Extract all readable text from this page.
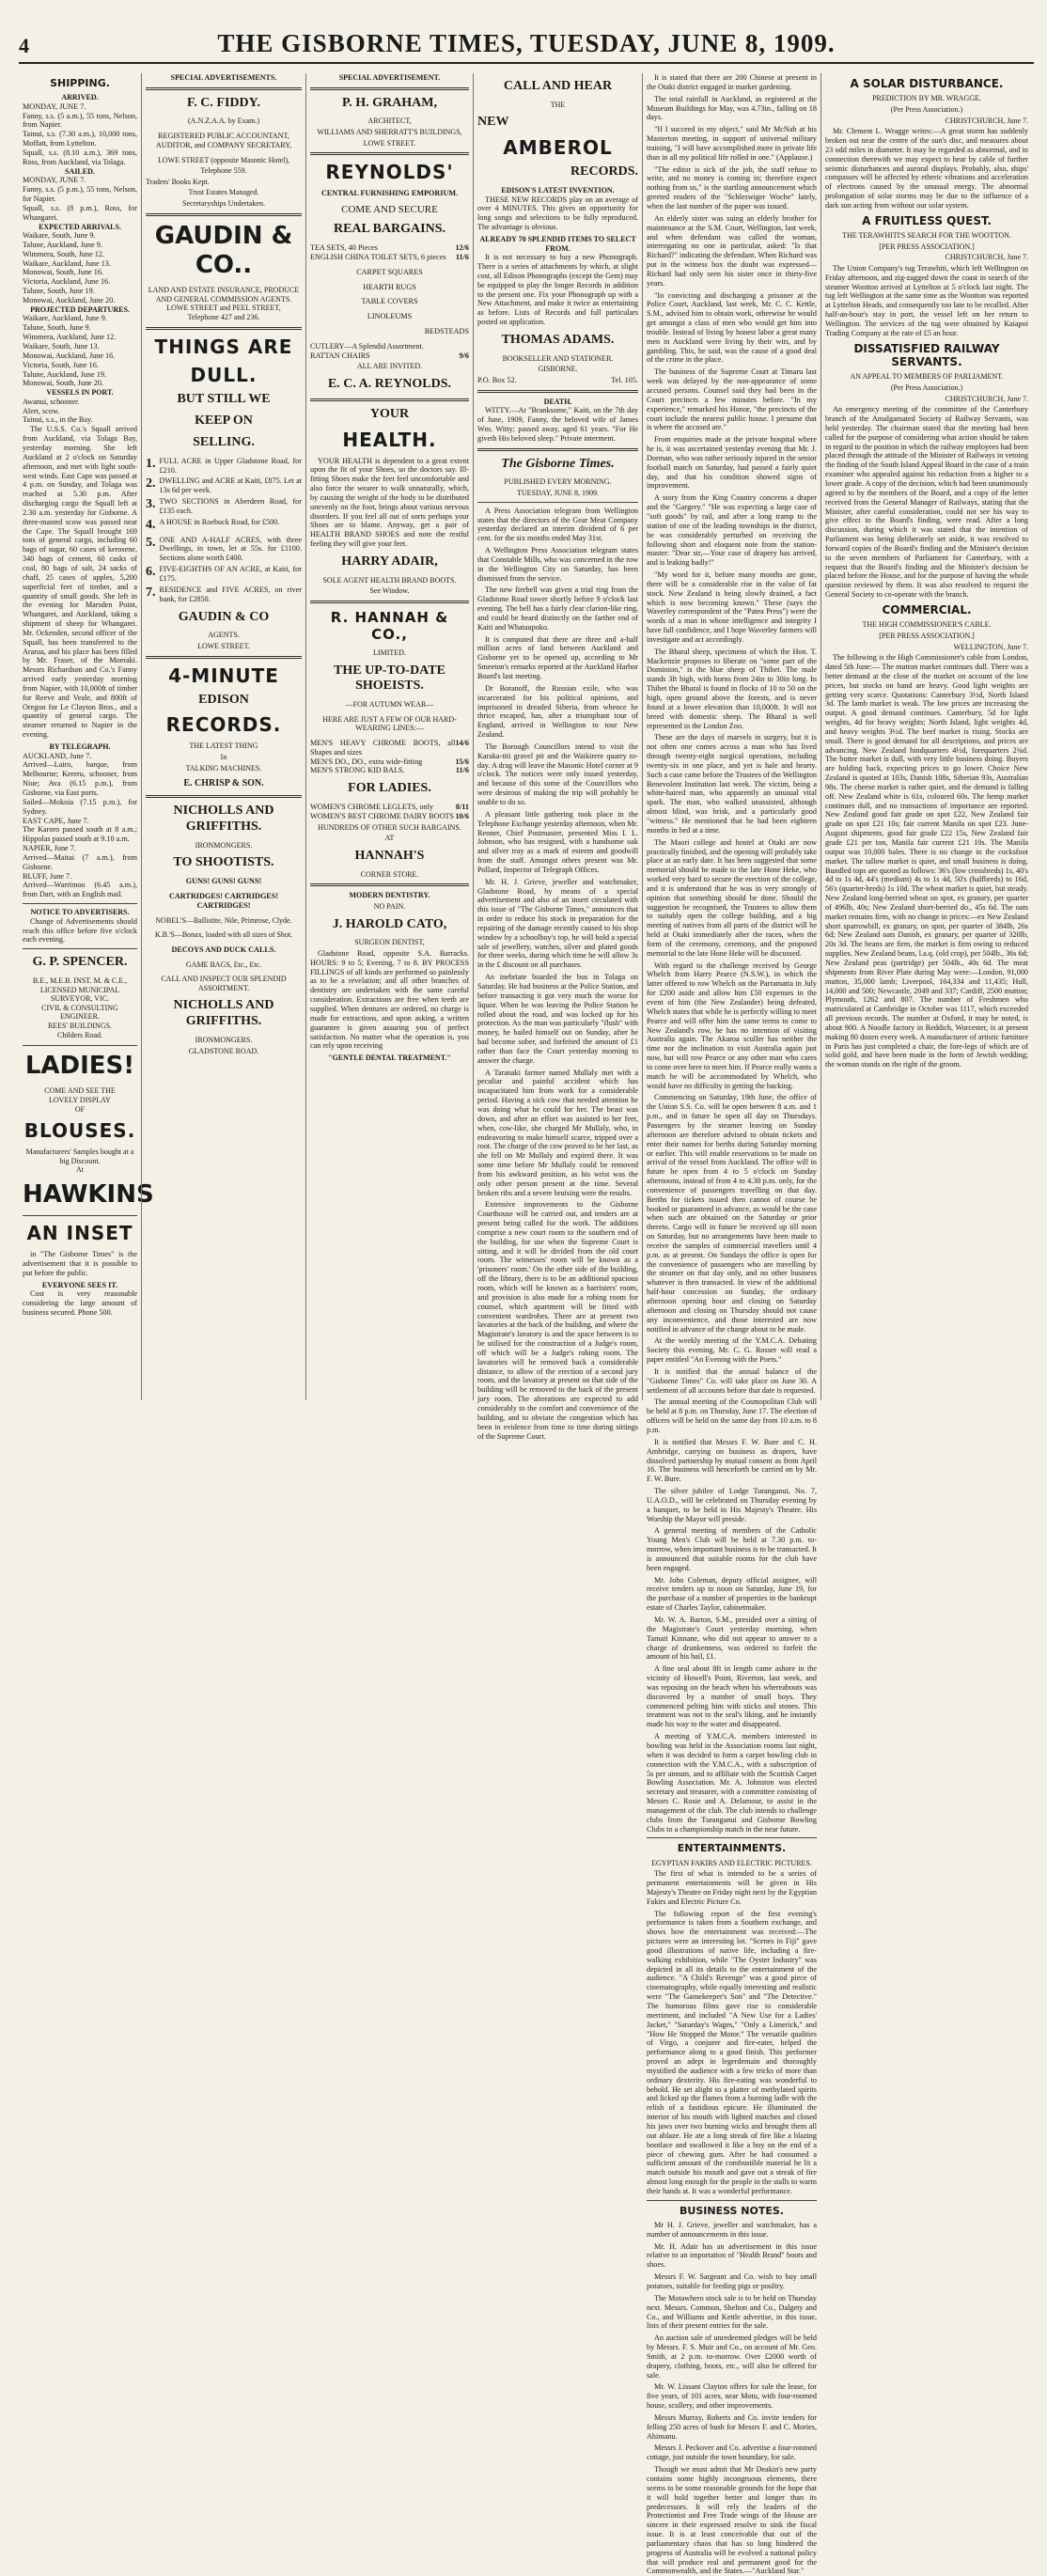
4	THE GISBORNE TIMES, TUESDAY, JUNE 8, 1909.
SHIPPING.
ARRIVED.
MONDAY, JUNE 7.
Fanny, s.s. (5 a.m.), 55 tons, Nelson, from Napier.
Tainui, s.s. (7.30 a.m.), 10,000 tons, Moffatt, from Lyttelton.
Squall, s.s. (8.10 a.m.), 369 tons, Ross, from Auckland, via Tolaga.
SAILED.
MONDAY, JUNE 7.
Fanny, s.s. (5 p.m.), 55 tons, Nelson, for Napier.
Squall, s.s. (8 p.m.), Ross, for Whangarei.
EXPECTED ARRIVALS.
Waikare, South, June 9.
Talune, Auckland, June 9.
Wimmera, South, June 12.
Waikare, Auckland, June 13.
Monowai, South, June 16.
Victoria, Auckland, June 16.
Talune, South, June 19.
Monowai, Auckland, June 20.
PROJECTED DEPARTURES.
Waikare, Auckland, June 9.
Talune, South, June 9.
Wimmera, Auckland, June 12.
Waikare, South, June 13.
Monowai, Auckland, June 16.
Victoria, South, June 16.
Talune, Auckland, June 19.
Monowai, South, June 20.
VESSELS IN PORT.
Awanui, schooner.
Alert, scow.
Tainui, s.s., in the Bay.

The U.S.S. Co.'s Squall arrived from Auckland, via Tolaga Bay, yesterday morning. She left Auckland at 2 o'clock on Saturday afternoon, and met with light south-west winds. East Cape was passed at 4 p.m. on Sunday, and Tolaga was reached at 5.30 p.m. After discharging cargo the Squall left at 2.30 a.m. yesterday for Gisborne. A three-masted scow was passed near the Cape. The Squall brought 169 tons of general cargo, including 60 bags of sugar, 60 cases of kerosene, 340 bags of cement, 60 casks of coal, 80 bags of salt, 24 sacks of chaff, 25 cases of apples, 5,200 superficial feet of timber, and a quantity of small goods. She left in the evening for Marsden Point, Whangarei, and Auckland, taking a shipment of sheep for Whangarei. Mr. Ockenden, second officer of the Squall, has been transferred to the Ararua, and his place has been filled by Mr. Fraser, of the Moeraki. Messrs Richardson and Co.'s Fanny arrived early yesterday morning from Napier, with 10,000ft of timber for Reeve and Veale, and 800ft of Oregon for Le Clayton Bros., and a quantity of general cargo. The steamer returned to Napier in the evening.

BY TELEGRAPH.
AUCKLAND, June 7.
Arrived—Lairo, barque, from Melbourne; Kereru, schooner, from Niue; Ava (6.15 p.m.), from Gisborne, via East ports.
Sailed—Mokoia (7.15 p.m.), for Sydney.
EAST CAPE, June 7.
The Karoro passed south at 8 a.m.; Hippolas passed south at 9.10 a.m.
NAPIER, June 7.
Arrived—Maitai (7 a.m.), from Gisborne.
BLUFF, June 7.
Arrived—Warrimoo (6.45 a.m.), from Dart, with an English mail.
NOTICE TO ADVERTISERS.

Change of Advertisements should reach this office before five o'clock each evening.

G. P. SPENCER.
B.E., M.E.B. INST. M. & C.E.,
LICENSED MUNICIPAL SURVEYOR, VIC.
CIVIL & CONSULTING ENGINEER.
REES' BUILDINGS.
Childers Road.
LADIES!
COME AND SEE THE
LOVELY DISPLAY
OF
BLOUSES.
Manufacturers' Samples bought at a
big Discount.
At
HAWKINS
AN INSET

in "The Gisborne Times" is the advertisement that it is possible to put before the public.

EVERYONE SEES IT.

Cost is very reasonable considering the large amount of business secured. Phone 500.

SPECIAL ADVERTISEMENTS.
F. C. FIDDY.
(A.N.Z.A.A. by Exam.)
REGISTERED PUBLIC ACCOUNTANT, AUDITOR, and COMPANY SECRETARY,
LOWE STREET (opposite Masonic Hotel),
Telephone 559.
Traders' Books Kept.
Trust Estates Managed.
Secretaryships Undertaken.
GAUDIN & CO..
LAND AND ESTATE INSURANCE, PRODUCE AND GENERAL COMMISSION AGENTS.
LOWE STREET and PEEL STREET,
Telephone 427 and 236.
THINGS ARE
DULL.
BUT STILL WE
KEEP ON
SELLING.
1. FULL ACRE in Upper Gladstone Road, for £210.
2. DWELLING and ACRE at Kaiti, £875. Let at 13s 6d per week.
3. TWO SECTIONS in Aberdeen Road, for £135 each.
4. A HOUSE in Roebuck Road, for £500.
5. ONE AND A-HALF ACRES, with three Dwellings, in town, let at 55s. for £1100. Sections alone worth £400.
6. FIVE-EIGHTHS OF AN ACRE, at Kaiti, for £175.
7. RESIDENCE and FIVE ACRES, on river bank, for £2850.
GAUDIN & CO
AGENTS.
LOWE STREET.
4-MINUTE
EDISON
RECORDS.
THE LATEST THING
In
TALKING MACHINES.
E. CHRISP & SON.
NICHOLLS AND GRIFFITHS.
IRONMONGERS.
TO SHOOTISTS.
GUNS! GUNS! GUNS!
CARTRIDGES! CARTRIDGES! CARTRIDGES!
NOBEL'S—Ballistite, Nile, Primrose, Clyde.
K.B.'S—Bonax, loaded with all sizes of Shot.
DECOYS AND DUCK CALLS.
GAME BAGS, Etc., Etc.
CALL AND INSPECT OUR SPLENDID ASSORTMENT.
NICHOLLS AND GRIFFITHS.
IRONMONGERS.
GLADSTONE ROAD.
SPECIAL ADVERTISEMENT.
P. H. GRAHAM,
ARCHITECT,
WILLIAMS AND SHERRATT'S BUILDINGS,
LOWE STREET.
REYNOLDS'
CENTRAL FURNISHING EMPORIUM.
COME AND SECURE
REAL BARGAINS.
TEA SETS, 40 Pieces	12/6
ENGLISH CHINA TOILET SETS, 6 pieces 11/6
CARPET SQUARES
HEARTH RUGS
TABLE COVERS
LINOLEUMS
BEDSTEADS
CUTLERY—A Splendid Assortment.
RATTAN CHAIRS	9/6
ALL ARE INVITED.
E. C. A. REYNOLDS.
YOUR
HEALTH.

YOUR HEALTH is dependent to a great extent upon the fit of your Shoes, so the doctors say. Ill-fitting Shoes make the feet feel uncomfortable and also force the wearer to walk unnaturally, which, by causing the weight of the body to be distributed unevenly on the foot, brings about various nervous disorders. If you feel all out of sorts perhaps your Shoes are to blame. Anyway, get a pair of HEALTH BRAND SHOES and note the restful feeling they will give your feet.

HARRY ADAIR,
SOLE AGENT HEALTH BRAND BOOTS.
See Window.
R. HANNAH & CO.,
LIMITED.
THE UP-TO-DATE SHOEISTS.
—FOR AUTUMN WEAR—
HERE ARE JUST A FEW OF OUR HARD-WEARING LINES:—
MEN'S HEAVY CHROME BOOTS, all Shapes and sizes
14/6
MEN'S DO., DO., extra wide-fitting	15/6
MEN'S STRONG KID BALS.	11/6
FOR LADIES.
WOMEN'S CHROME LEGLETS, only	8/11
WOMEN'S BEST CHROME DAIRY BOOTS 10/6
HUNDREDS OF OTHER SUCH BARGAINS.
AT
HANNAH'S
CORNER STORE.
MODERN DENTISTRY.
NO PAIN.
J. HAROLD CATO,
SURGEON DENTIST,

Gladstone Road, opposite S.A. Barracks. HOURS: 9 to 5; Evening, 7 to 8. BY PROCESS FILLINGS of all kinds are performed so painlessly as to be a revelation; and all other branches of dentistry are undertaken with the same careful consideration. Extractions are free when teeth are supplied. When dentures are ordered, no charge is made for extractions, and upon asking, a written guarantee is given assuring you of perfect satisfaction. No matter what the operation is, you can rely upon receiving

"GENTLE DENTAL TREATMENT."
CALL AND HEAR
THE
NEW
AMBEROL
RECORDS.
EDISON'S LATEST INVENTION.

THESE NEW RECORDS play on an average of over 4 MINUTES. This gives an opportunity for long songs and selections to be fully reproduced. The advantage is obvious.

ALREADY 70 SPLENDID ITEMS TO SELECT FROM.

It is not necessary to buy a new Phonograph. There is a series of attachments by which, at slight cost, all Edison Phonographs (except the Gem) may be equipped to play the longer Records in addition to the present one. Fix your Phonograph up with a New Attachment, and make it twice as entertaining as before. Lists of Records and full particulars posted on application.

THOMAS ADAMS.
BOOKSELLER AND STATIONER.
GISBORNE.
P.O. Box 52.	Tel. 105.
DEATH.

WITTY.—At "Branksome," Kaiti, on the 7th day of June, 1909, Fanny, the beloved wife of James Wm. Witty; passed away, aged 61 years. "For He giveth His beloved sleep." Private interment.

The Gisborne Times.
PUBLISHED EVERY MORNING.
TUESDAY, JUNE 8, 1909.

A Press Association telegram from Wellington states that the directors of the Gear Meat Company yesterday declared an interim dividend of 6 per cent. for the six months ended May 31st.

A Wellington Press Association telegram states that Constable Mills, who was concerned in the row in the Wellington City on Saturday, has been dismissed from the service.

The new firebell was given a trial ring from the Gladstone Road tower shortly before 9 o'clock last evening. The bell has a fairly clear clarion-like ring, and could be heard distinctly on the farther end of Kaiti and Whataupoko.

It is computed that there are three and a-half million acres of land between Auckland and Gisborne yet to be opened up, according to Mr Smeeton's remarks reported at the Auckland Harbor Board's last meeting.

Dr Boranoff, the Russian exile, who was incarcerated for his political opinions, and imprisoned in dreaded Siberia, from whence he thrice escaped, has, after a triumphant tour of England, arrived in Wellington to tour New Zealand.

The Borough Councillors intend to visit the Karaka-titi gravel pit and the Waikirere quarry to-day. A drag will leave the Masonic Hotel corner at 9 o'clock. The notices were only issued yesterday, and because of this some of the Councillors who were desirous of making the trip will probably be unable to do so.

A pleasant little gathering took place in the Telephone Exchange yesterday afternoon, when Mr. Renner, Chief Postmaster, presented Miss I. L. Johnson, who has resigned, with a handsome oak and silver tray as a mark of esteem and goodwill from the staff. Amongst others present was Mr. Pollard, Inspector of Telegraph Offices.

Mr. H. J. Grieve, jeweller and watchmaker, Gladstone Road, by means of a special advertisement and also of an insert circulated with this issue of "The Gisborne Times," announces that in order to reduce his stock in preparation for the repairing of the damage recently caused to his shop window by a schoolboy's top, he will hold a special sale of jewellery, watches, silver and plated goods for three weeks, during which time he will allow 3s in the £ discount on all purchases.

An inebriate boarded the bus in Tolaga on Saturday. He had business at the Police Station, and before transacting it got very much the worse for liquor. When he was leaving the Police Station he rolled about the road, and was locked up for his protection. As the man was particularly "flush" with money, he bailed himself out on Sunday, after he had become sober, and forfeited the amount of £1 rather than face the Court yesterday morning to answer the charge.

A Taranaki farmer named Mullaly met with a peculiar and painful accident which has incapacitated him from work for a considerable period. Having a sick cow that needed attention he was doing what he could for her. The beast was down, and after an effort was assisted to her feet, when, cow-like, she charged Mr Mullaly, who, in endeavoring to make himself scarce, tripped over a root. The charge of the cow proved to be her last, as she fell on Mr Mullaly and expired there. It was some time before Mr Mullaly could be removed from his awkward position, as his wrist was the only other person present at the time. Several broken ribs and a severe bruising were the results.

Extensive improvements to the Gisborne Courthouse will be carried out, and tenders are at present being called for the work. The additions comprise a new court room to the southern end of the building, for use when the Supreme Court is sitting, and it will be divided from the old court room. The witnesses' room will be known as a 'prisoners' room.' On the other side of the building, off the library, there is to be an additional spacious room, which will be known as a barristers' room, and provision is also made for a robing room for counsel, which apartment will be fitted with convenient wardrobes. There are at present two lavatories at the back of the building, and where the Magistrate's lavatory is and the space between is to be utilised for the construction of a Judge's room, off which will be a Judge's robing room. The lavatories will be removed back a considerable distance, to allow of the erection of a second jury room, and the lavatory at present on that side of the building will be removed to the back of the present jury room. The alterations are expected to add considerably to the comfort and convenience of the building, and to obviate the congestion which has been in evidence from time to time during sittings of the Supreme Court.

It is stated that there are 200 Chinese at present in the Otaki district engaged in market gardening.

The total rainfall in Auckland, as registered at the Museum Buildings for May, was 4.73in., falling on 18 days.

"If I succeed in my object," said Mr McNab at his Masterton meeting, in support of universal military training, "I will have accomplished more in private life than in all my political life rolled in one." (Applause.)

"The editor is sick of the job, the staff refuse to write, and no money is coming in; therefore expect nothing from us," is the startling announcement which greeted readers of the "Schleswiger Woche" lately, when the last number of the paper was issued.

An elderly sister was suing an elderly brother for maintenance at the S.M. Court, Wellington, last week, and when defendant was called the woman, interrogating no one in particular, asked: "Is that Richard?" indicating the defendant. When Richard was put in the witness box the doubt was expressed—Richard had only seen his sister once in thirty-five years.

"In convicting and discharging a prisoner at the Police Court, Auckland, last week, Mr. C. C. Kettle, S.M., advised him to obtain work, otherwise he would get amongst a class of men who would get him into trouble. Instead of living by honest labor a great many men in Auckland were living by their wits, and by gambling. This, he said, was the cause of a good deal of the crime in the place.

The business of the Supreme Court at Timaru last week was delayed by the non-appearance of some accused persons. Counsel said they had been in the Court precincts a few minutes before. "In my experience," remarked his Honor, "the precincts of the court include the nearest public house. I presume that is where the accused are."

From enquiries made at the private hospital where he is, it was ascertained yesterday evening that Mr. J. Dorman, who was rather seriously injured in the senior football match on Saturday, had passed a fairly quiet day, and that his condition showed signs of improvement.

A story from the King Country concerns a draper and the "Gargery." "He was expecting a large case of "soft goods" by rail, and after a long tramp to the station of one of the leading townships in the district, he was considerably perturbed on receiving the following short and eloquent note from the station-master: "Dear sir,—Your case of drapery has arrived, and is leaking badly!"

"My word for it, before many months are gone, there will be a considerable rise in the value of fat stock. New Zealand is being slowly drained, a fact which is now becoming known." These (says the Waverley correspondent of the "Patea Press") were the words of a man in whose intelligence and integrity I have full confidence, and I hope Waverley farmers will investigate and act accordingly.

The Bharal sheep, specimens of which the Hon. T. Mackenzie proposes to liberate on "some part of the Dominion," is the blue sheep of Thibet. The male stands 3ft high, with horns from 24in to 30in long. In Thibet the Bharal is found in flocks of 10 to 50 on the high, open ground above the forests, and is never found at a lower elevation than 10,000ft. It will not breed with domestic sheep. The Bharal is well represented in the London Zoo.

These are the days of marvels in surgery, but it is not often one comes across a man who has lived through twenty-eight surgical operations, including twenty-six in one place, and yet is hale and hearty. Such a case came before the Trustees of the Wellington Benevolent Institution last week. The victim, being a white-haired man, who apparently an unusual vital spark. The man, who walked unassisted, although almost blind, was brisk, and a particularly good "witness." He mentioned that he had been eighteen months in bed at a time.

The Maori college and hostel at Otaki are now practically finished, and the opening will probably take place at an early date. It has been suggested that some memorial should be made to the late Hone Heke, who worked very hard to secure the erection of the college, and it is understood that he was in very strongly of opinion that something should be done. Should the suggestion be recognised, the Trustees to allow them to suitably open the college building, and a big meeting of natives from all parts of the district will be held at Otaki immediately after the races, when the form of the ceremony, ceremony, and the proposed memorial to the late Hone Heke will be discussed.

With regard to the challenge received by George Whelch from Harry Pearce (N.S.W.), in which the latter offered to row Whelch on the Parramatta in July for £200 aside and allow him £50 expenses in the event of him (the New Zealander) being defeated, Whelch states that while he is perfectly willing to meet Pearce and will offer him the same terms to come to New Zealand's row, he has no intention of visiting Australia again. The Akaroa sculler has neither the time nor the inclination to visit Australia again just now, but will row Pearce or any other man who cares to come over here to meet him. If Pearce really wants a match he will be accommodated by Whelch, who would have no difficulty in getting the backing.

Commencing on Saturday, 19th June, the office of the Union S.S. Co. will be open between 8 a.m. and 1 p.m., and in future be open all day on Thursdays. Passengers by the steamer leaving on Sunday afternoon are therefore advised to obtain tickets and enter their names for berths during Saturday morning or earlier. This will enable reservations to be made on arrival of the vessel from Auckland. The office will in future be open from 4 to 5 o'clock on Sunday afternoons, instead of from 4 to 4.30 p.m. only, for the convenience of passengers travelling on that day. Berths for tickets issued then cannot of course be booked or guaranteed in advance, as would be the case when such are obtained on the Saturday or prior thereto. Cargo will in future be received up till noon on Saturday, but no arrangements have been made to receive the samples of commercial travellers until 4 p.m. as at present. On Sundays the office is open for the convenience of passengers who are travelling by the steamer on that day only, and no other business whatever is then transacted. In view of the additional half-hour concession on Sunday, the ordinary afternoon opening hour and closing on Saturday afternoon and closing on Thursday should not cause any inconvenience, and those interested are now notified in advance of the change about to be made.

At the weekly meeting of the Y.M.C.A. Debating Society this evening, Mr. C. G. Rosser will read a paper entitled "An Evening with the Poets."

It is notified that the annual balance of the "Gisborne Times" Co. will take place on June 30. A settlement of all accounts before that date is requested.

The annual meeting of the Cosmopolitan Club will be held at 8 p.m. on Thursday, June 17. The election of officers will be held on the same day from 10 a.m. to 8 p.m.

It is notified that Messrs F. W. Bure and C. H. Ambridge, carrying on business as drapers, have dissolved partnership by mutual consent as from April 16. The business will henceforth be carried on by Mr. F. W. Bure.

The silver jubilee of Lodge Turanganui, No. 7, U.A.O.D., will be celebrated on Thursday evening by a banquet, to be held in His Majesty's Theatre. His Worship the Mayor will preside.

A general meeting of members of the Catholic Young Men's Club will be held at 7.30 p.m. to-morrow, when important business is to be transacted. It is announced that suitable rooms for the club have been engaged.

Mr. John Coleman, deputy official assignee, will receive tenders up to noon on Saturday, June 19, for the purchase of a number of properties in the bankrupt estate of Charles Taylor, cabinetmaker.

Mr. W. A. Barton, S.M., presided over a sitting of the Magistrate's Court yesterday morning, when Tamati Kinnane, who did not appear to answer to a charge of drunkenness, was ordered to forfeit the amount of his bail, £1.

A fine seal about 8ft in length came ashore in the vicinity of Howell's Point, Riverton, last week, and was reposing on the beach when his whereabouts was discovered by a number of small boys. They commenced pelting him with sticks and stones. This treatment was not to the seal's liking, and he instantly made his way to the water and disappeared.

A meeting of Y.M.C.A. members interested in bowling was held in the Association rooms last night, when it was decided to form a carpet bowling club in connection with the Y.M.C.A., with a subscription of 5s per annum, and to affiliate with the Scottish Carpet Bowling Association. Mr. A. Johnston was elected secretary and treasurer, with a committee consisting of Messrs C. Rosie and A. Delamour, to assist in the management of the club. The club intends to challenge clubs from the Turanganui and Gisborne Bowling Clubs to a championship match in the near future.

ENTERTAINMENTS.
EGYPTIAN FAKIRS AND ELECTRIC PICTURES.

The first of what is intended to be a series of permanent entertainments will be given in His Majesty's Theatre on Friday night next by the Egyptian Fakirs and Electric Picture Co.

The following report of the first evening's performance is taken from a Southern exchange, and shows how the entertainment was received:—The pictures were an interesting lot. "Scenes in Fiji" gave good illustrations of native life, including a fire-walking exhibition, while "The Oyster Industry" was depicted in all its details to the entertainment of the audience. "A Child's Revenge" was a good piece of cinematography, while equally interesting and realistic were "The Gamekeeper's Son" and "The Detective." The humorous films gave rise to considerable merriment, and included "A New Use for a Ladies' Jacket," "Saturday's Wages," "Only a Limerick," and "How He Stopped the Motor." The versatile qualities of Virgo, a conjurer and fire-eater, helped the performance along to a good finish. This performer proved an adept in legerdemain and thoroughly mystified the audience with a few tricks of more than ordinary dexterity. His fire-eating was wonderful to behold. He set alight to a platter of methylated spirits and licked up the flames from a burning ladle with the relish of a fastidious epicure. He illuminated the interior of his mouth with lighted matches and closed his jaws over two burning wicks and brought them all out ablaze. He ate a long streak of fire like a blazing bootlace and swallowed it like a boy on the end of a piece of chewing gum. After he had consumed a sufficient amount of the combustible material he lit a match outside his mouth and gave out a streak of fire almost long enough for the people in the stalls to warm their hands at. It was a wonderful performance.

BUSINESS NOTES.

Mr H. J. Grieve, jeweller and watchmaker, has a number of announcements in this issue.

Mr. H. Adair has an advertisement in this issue relative to an importation of "Health Brand" boots and shoes.

Messrs F. W. Sargeant and Co. wish to buy small potatoes, suitable for feeding pigs or poultry.

The Motawhero stock sale is to be held on Thursday next. Messrs. Common, Shelton and Co., Dalgety and Co., and Williams and Kettle advertise, in this issue, lists of their present entries for the sale.

An auction sale of unredeemed pledges will be held by Messrs. F. S. Muir and Co., on account of Mr. Geo. Smith, at 2 p.m. to-morrow. Over £2000 worth of drapery, clothing, boots, etc., will also be offered for sale.

Mr. W. Lissant Clayton offers for sale the lease, for five years, of 101 acres, near Motu, with four-roomed house, scullery, and other improvements.

Messrs Murray, Roberts and Co. invite tenders for felling 250 acres of bush for Messrs F. and C. Mories, Ahimanu.

Messrs J. Peckover and Co. advertise a four-roomed cottage, just outside the town boundary, for sale.

Though we must admit that Mr Deakin's new party contains some highly incongruous elements, there seems to be some reasonable grounds for the hope that it will hold together better and longer than its predecessors. It will rely the leaders of the Protectionist and Free Trade wings of the House are sincere in their expressed resolve to sink the fiscal issue. It is at least conceivable that out of the parliamentary chaos that has so long hindered the progress of Australia will be evolved a national policy that will produce real and permanent good for the Commonwealth, and the States.—"Auckland Star."

A SOLAR DISTURBANCE.
PREDICTION BY MR. WRAGGE.
(Per Press Association.)
CHRISTCHURCH, June 7.

Mr. Clement L. Wragge writes:—A great storm has suddenly broken out near the centre of the sun's disc, and measures about 23 odd miles in diameter. It may be regarded as abnormal, and in connection therewith we may expect to hear by cable of further seismic disturbances and auroral displays. Probably, also, ships' compasses will be affected by etheric vibrations and acceleration of electrons caused by the unusual energy. The abnormal prolongation of solar storms may be due to the influence of a dark sun acting from without our solar system.

A FRUITLESS QUEST.
THE TERAWHITI'S SEARCH FOR THE WOOTTON.
[PER PRESS ASSOCIATION.]
CHRISTCHURCH, June 7.

The Union Company's tug Terawhiti, which left Wellington on Friday afternoon, and zig-zagged down the coast in search of the steamer Wootton arrived at Lyttelton at 5 o'clock last night. The tug left Wellington at the same time as the Wootton was reported at Lyttelton Heads, and consequently too late to be recalled. After half-an-hour's stay in port, the vessel left on her return to Wellington. The services of the tug were obtained by Kaiapoi Trading Company at the rate of £5 an hour.

DISSATISFIED RAILWAY SERVANTS.
AN APPEAL TO MEMBERS OF PARLIAMENT.
(Per Press Association.)
CHRISTCHURCH, June 7.

An emergency meeting of the committee of the Canterbury branch of the Amalgamated Society of Railway Servants, was held yesterday. The chairman stated that the meeting had been called for the purpose of considering what action should be taken in regard to the position in which the railway employees had been placed through the attitude of the Minister of Railways in vetoing the finding of the South Island Appeal Board in the case of a train examiner who appealed against his reduction from a higher to a lower grade. A copy of the decision, which had been unanimously agreed to by the members of the Board, and a copy of the letter received from the General Manager of Railways, stating that the Minister, after careful consideration, could not see his way to give effect to the Board's finding, were read. After a long discussion, during which it was stated that the intention of Parliament was being deliberately set aside, it was resolved to forward copies of the Board's finding and the Minister's decision to the seven members of Parliament for Canterbury, with a request that the Board's finding and the Minister's decision be placed before the House, and for the purpose of having the whole question reviewed by them. It was also resolved to request the General Society to co-operate with the branch.

COMMERCIAL.
THE HIGH COMMISSIONER'S CABLE.
[PER PRESS ASSOCIATION.]
WELLINGTON, June 7.

The following is the High Commissioner's cable from London, dated 5th June:— The mutton market continues dull. There was a better demand at the close of the market on account of the low prices, but stocks on hand are heavy. Good light weights are getting very scarce. Quotations: Canterbury 3½d, North Island 3d. The lamb market is weak. The low prices are increasing the output. A good demand continues. Canterbury, 5d for light weights, 4d for heavy weights; North Island, light weights 4d, and heavy weights 3½d. The beef market is rising. Stocks are small. There is good demand for all descriptions, and prices are advancing. New Zealand hindquarters 4½d, forequarters 2¾d. The butter market is dull, with very little business doing. Buyers are holding back, expecting prices to go lower. Choice New Zealand is quoted at 103s, Danish 108s, Siberian 93s, Australian 98s. The cheese market is rather quiet, and the demand is falling off. New Zealand white is 61s, coloured 60s. The hemp market continues dull, and no transactions of importance are reported. New Zealand good fair grade on spot £22, New Zealand fair grade on spot £21 10s; fair current Manila on spot £23. June-August shipments, good fair grade £22 15s, New Zealand fair grade £21 per ton, Manila fair current £21 10s. The Manila output was 10,000 bales. There is no change in the cocksfoot market. The tallow market is quiet, and small business is doing. Bundled tops are quoted as follows: 36's (low crossbreds) 1s, 40's 4d to 1s 4d, 44's (medium) 4s to 1s 4d, 50's (halfbreds) to 16d, 56's (quarter-breds) 1s 10d. The wheat market is quiet, but steady. New Zealand long-berried wheat on spot, ex granary, per quarter of 496lb, 40s; New Zealand short-berried do., 45s 6d. The oats market remains firm, with no change in prices:—ex New Zealand short sparrowbill, ex granary, on spot, per quarter of 384lb, 26s 6d; New Zealand oats Danish, ex granary, per quarter of 320lb, 20s 3d. The beans are firm, the market is firm owing to reduced supplies. New Zealand beans, l.a.q. (old crop), per 504lb., 36s 6d; New Zealand peas (partridge) per 504lb., 40s 6d. The meat shipments from River Plate during May were:—London, 91,000 mutton, 35,000 lamb; Liverpool, 164,334 and 11,435; Hull, 14,000 and 500; Newcastle, 2049 and 337; Cardiff, 2500 mutton; Plymouth, 1262 and 807. The number of Freshmen who matriculated at Cambridge in October was 1117, which exceeded all previous records. The number at Oxford, it may be noted, is about 900. A Noodle factory in Reddich, Worcester, is at present making 80 dozen every week. A manufacturer of artistic furniture in Paris has just completed a chair, the fore-legs of which are of solid gold, and have been made in the form of Jewish wedding; the woman stands on the right of the groom.
